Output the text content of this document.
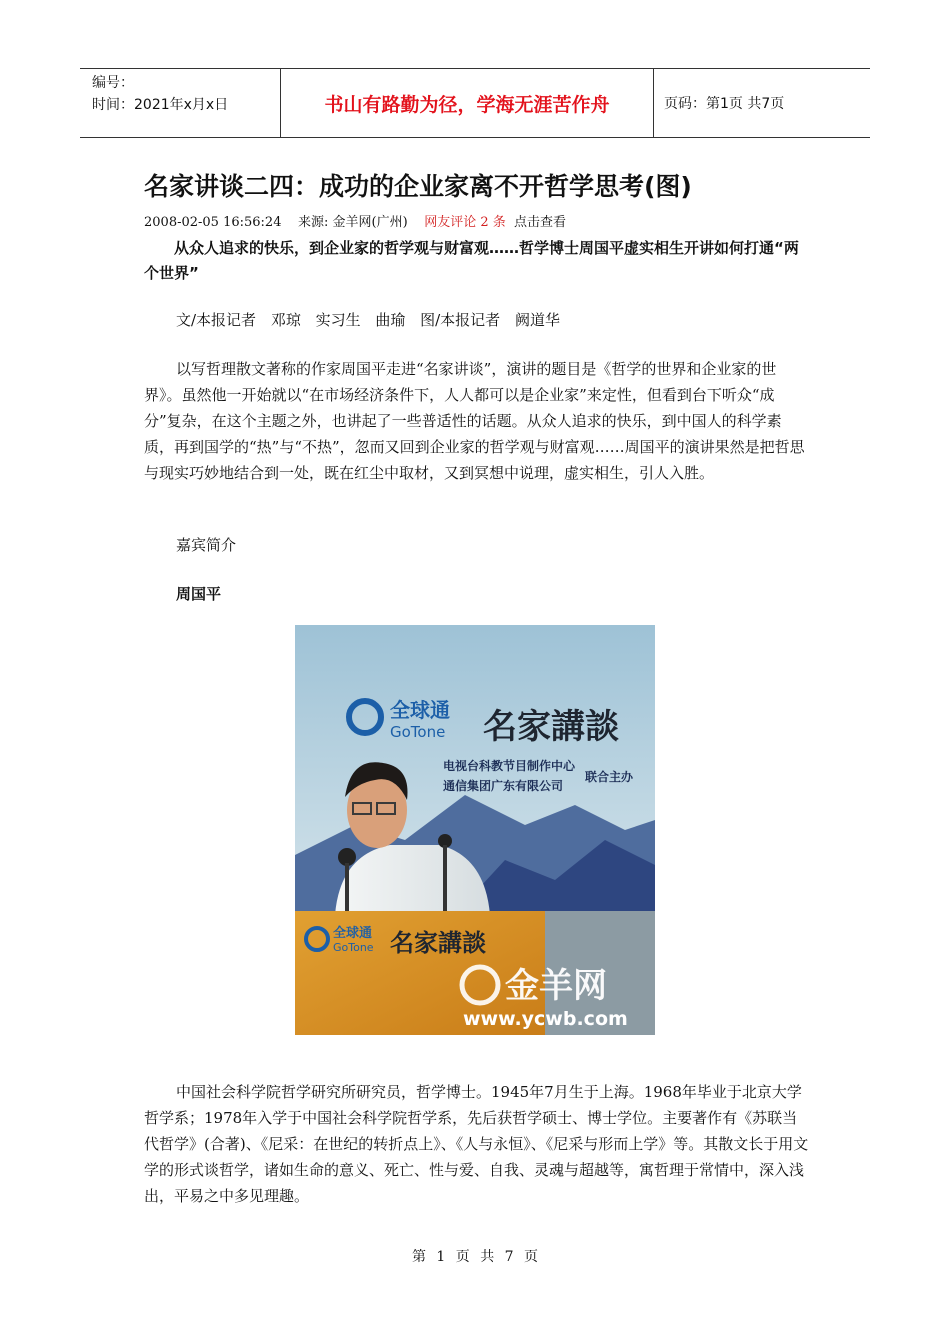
编号：
时间：2021年x月x日	书山有路勤为径，学海无涯苦作舟	页码：第1页 共7页
名家讲谈二四：成功的企业家离不开哲学思考(图)
2008-02-05 16:56:24 来源: 金羊网(广州) 网友评论 2 条 点击查看

从众人追求的快乐，到企业家的哲学观与财富观……哲学博士周国平虚实相生开讲如何打通“两个世界”

文/本报记者 邓琼 实习生 曲瑜 图/本报记者 阙道华

以写哲理散文著称的作家周国平走进“名家讲谈”，演讲的题目是《哲学的世界和企业家的世界》。虽然他一开始就以“在市场经济条件下，人人都可以是企业家”来定性，但看到台下听众“成分”复杂，在这个主题之外，也讲起了一些普适性的话题。从众人追求的快乐，到中国人的科学素质，再到国学的“热”与“不热”，忽而又回到企业家的哲学观与财富观……周国平的演讲果然是把哲思与现实巧妙地结合到一处，既在红尘中取材，又到冥想中说理，虚实相生，引人入胜。

嘉宾简介
周国平
全球通
GoTone 名家講談
电视台科教节目制作中心
通信集团广东有限公司
联合主办
全球通
GoTone 名家講談
金羊网
www.ycwb.com

中国社会科学院哲学研究所研究员，哲学博士。1945年7月生于上海。1968年毕业于北京大学哲学系；1978年入学于中国社会科学院哲学系，先后获哲学硕士、博士学位。主要著作有《苏联当代哲学》(合著)、《尼采：在世纪的转折点上》、《人与永恒》、《尼采与形而上学》等。其散文长于用文学的形式谈哲学，诸如生命的意义、死亡、性与爱、自我、灵魂与超越等，寓哲理于常情中，深入浅出，平易之中多见理趣。

第 1 页 共 7 页
